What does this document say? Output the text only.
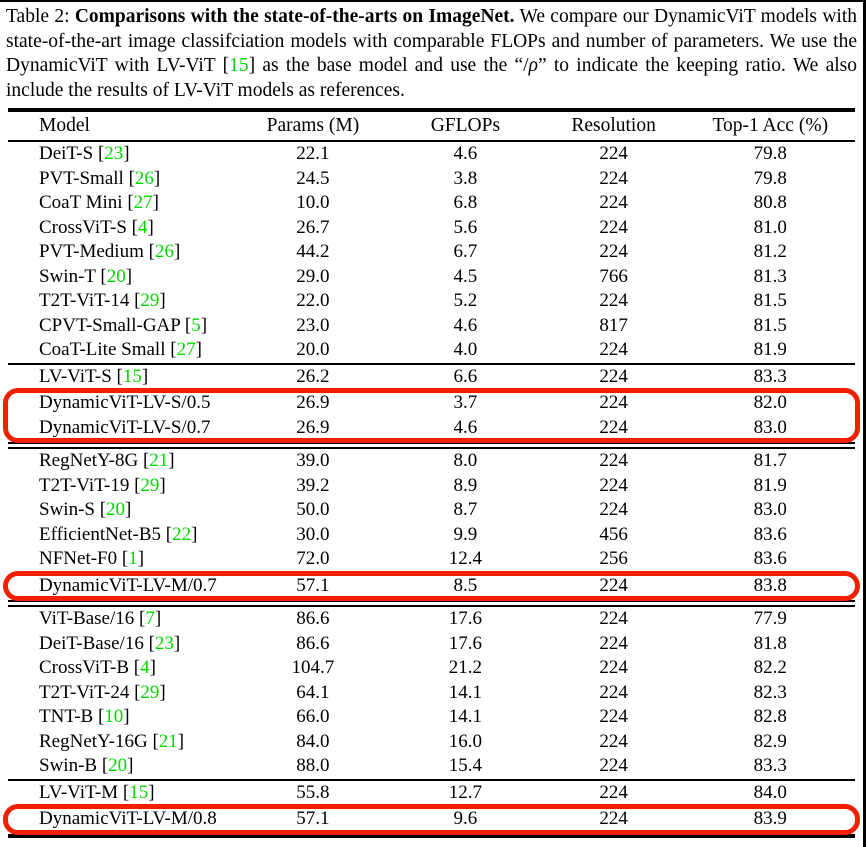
Table 2: Comparisons with the state-of-the-arts on ImageNet. We compare our DynamicViT models with state-of-the-art image classifciation models with comparable FLOPs and number of parameters. We use the DynamicViT with LV-ViT [15] as the base model and use the “/ρ” to indicate the keeping ratio. We also include the results of LV-ViT models as references.

Model	Params (M)	GFLOPs	Resolution	Top-1 Acc (%)
DeiT-S [23]	22.1	4.6	224	79.8
PVT-Small [26]	24.5	3.8	224	79.8
CoaT Mini [27]	10.0	6.8	224	80.8
CrossViT-S [4]	26.7	5.6	224	81.0
PVT-Medium [26]	44.2	6.7	224	81.2
Swin-T [20]	29.0	4.5	766	81.3
T2T-ViT-14 [29]	22.0	5.2	224	81.5
CPVT-Small-GAP [5]	23.0	4.6	817	81.5
CoaT-Lite Small [27]	20.0	4.0	224	81.9
LV-ViT-S [15]	26.2	6.6	224	83.3
DynamicViT-LV-S/0.5	26.9	3.7	224	82.0
DynamicViT-LV-S/0.7	26.9	4.6	224	83.0
RegNetY-8G [21]	39.0	8.0	224	81.7
T2T-ViT-19 [29]	39.2	8.9	224	81.9
Swin-S [20]	50.0	8.7	224	83.0
EfficientNet-B5 [22]	30.0	9.9	456	83.6
NFNet-F0 [1]	72.0	12.4	256	83.6
DynamicViT-LV-M/0.7	57.1	8.5	224	83.8
ViT-Base/16 [7]	86.6	17.6	224	77.9
DeiT-Base/16 [23]	86.6	17.6	224	81.8
CrossViT-B [4]	104.7	21.2	224	82.2
T2T-ViT-24 [29]	64.1	14.1	224	82.3
TNT-B [10]	66.0	14.1	224	82.8
RegNetY-16G [21]	84.0	16.0	224	82.9
Swin-B [20]	88.0	15.4	224	83.3
LV-ViT-M [15]	55.8	12.7	224	84.0
DynamicViT-LV-M/0.8	57.1	9.6	224	83.9
